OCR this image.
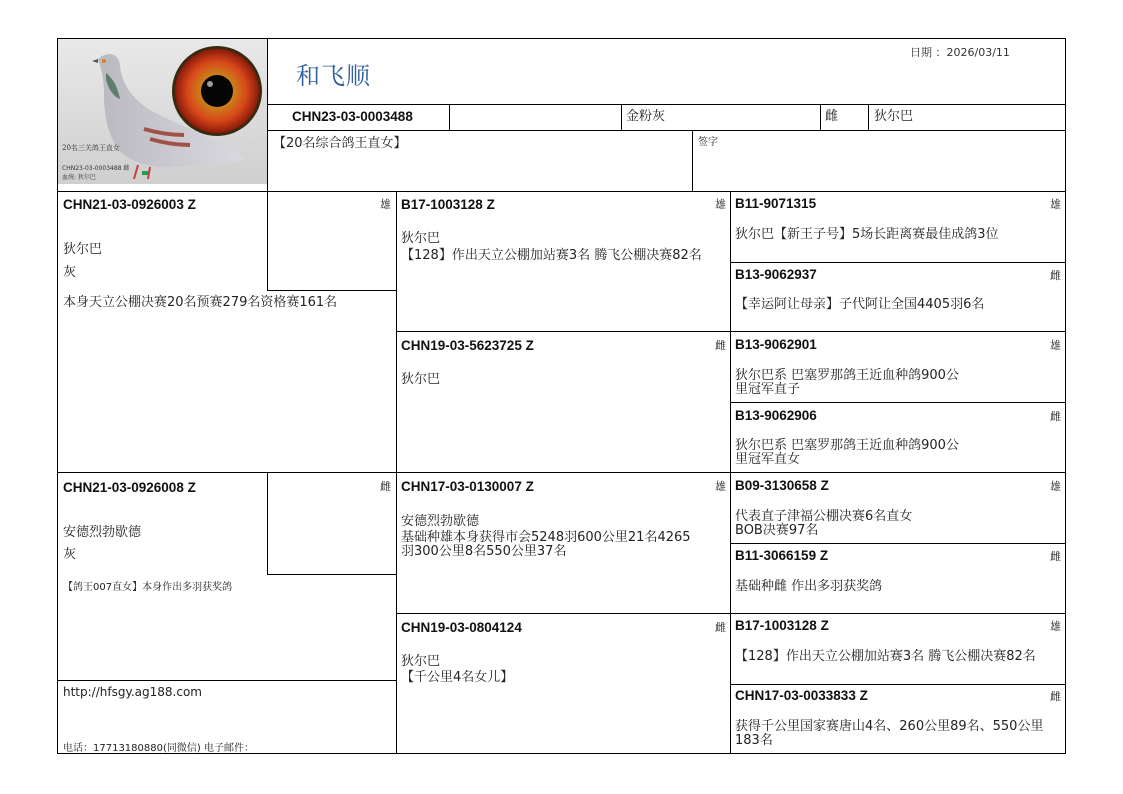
20名三关鸽王直女
CHN23-03-0003488 雌
血统: 狄尔巴
和飞顺
日期 ：2026/03/11
CHN23-03-0003488	金粉灰	雌	狄尔巴
【20名综合鸽王直女】	签字
CHN21-03-0926003 Z	雄
狄尔巴
灰
本身天立公棚决赛20名预赛279名资格赛161名
CHN21-03-0926008 Z	雌
安德烈勃歇德
灰
【鸽王007直女】本身作出多羽获奖鸽
http://hfsgy.ag188.com
电话：17713180880(同微信) 电子邮件：
B17-1003128 Z	雄
狄尔巴
【128】作出天立公棚加站赛3名 腾飞公棚决赛82名
CHN19-03-5623725 Z	雌
狄尔巴
CHN17-03-0130007 Z	雄
安德烈勃歇德
基础种雄本身获得市会5248羽600公里21名4265羽300公里8名550公里37名
CHN19-03-0804124	雌
狄尔巴
【千公里4名女儿】
B11-9071315	雄
狄尔巴【新王子号】5场长距离赛最佳成鸽3位
B13-9062937	雌
【幸运阿让母亲】子代阿让全国4405羽6名
B13-9062901	雄
狄尔巴系 巴塞罗那鸽王近血种鸽900公里冠军直子
B13-9062906	雌
狄尔巴系 巴塞罗那鸽王近血种鸽900公里冠军直女
B09-3130658 Z	雄
代表直子津福公棚决赛6名直女BOB决赛97名
B11-3066159 Z	雌
基础种雌 作出多羽获奖鸽
B17-1003128 Z	雄
【128】作出天立公棚加站赛3名 腾飞公棚决赛82名
CHN17-03-0033833 Z	雌
获得千公里国家赛唐山4名、260公里89名、550公里183名
